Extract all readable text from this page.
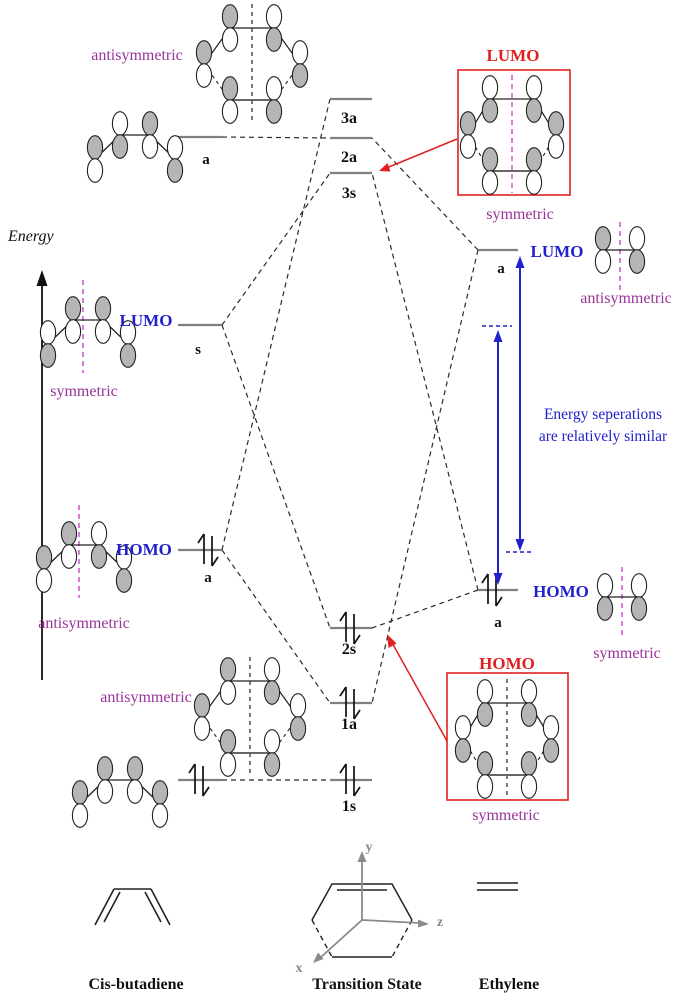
Energy
antisymmetric
a
LUMO
s
symmetric
HOMO
a
antisymmetric
antisymmetric
3a
2a
3s
2s
1a
1s
LUMO
a
antisymmetric
HOMO
a
symmetric
LUMO
symmetric
HOMO
symmetric
Energy seperations
are relatively similar
y
z
x
Cis-butadiene	Transition State	Ethylene
